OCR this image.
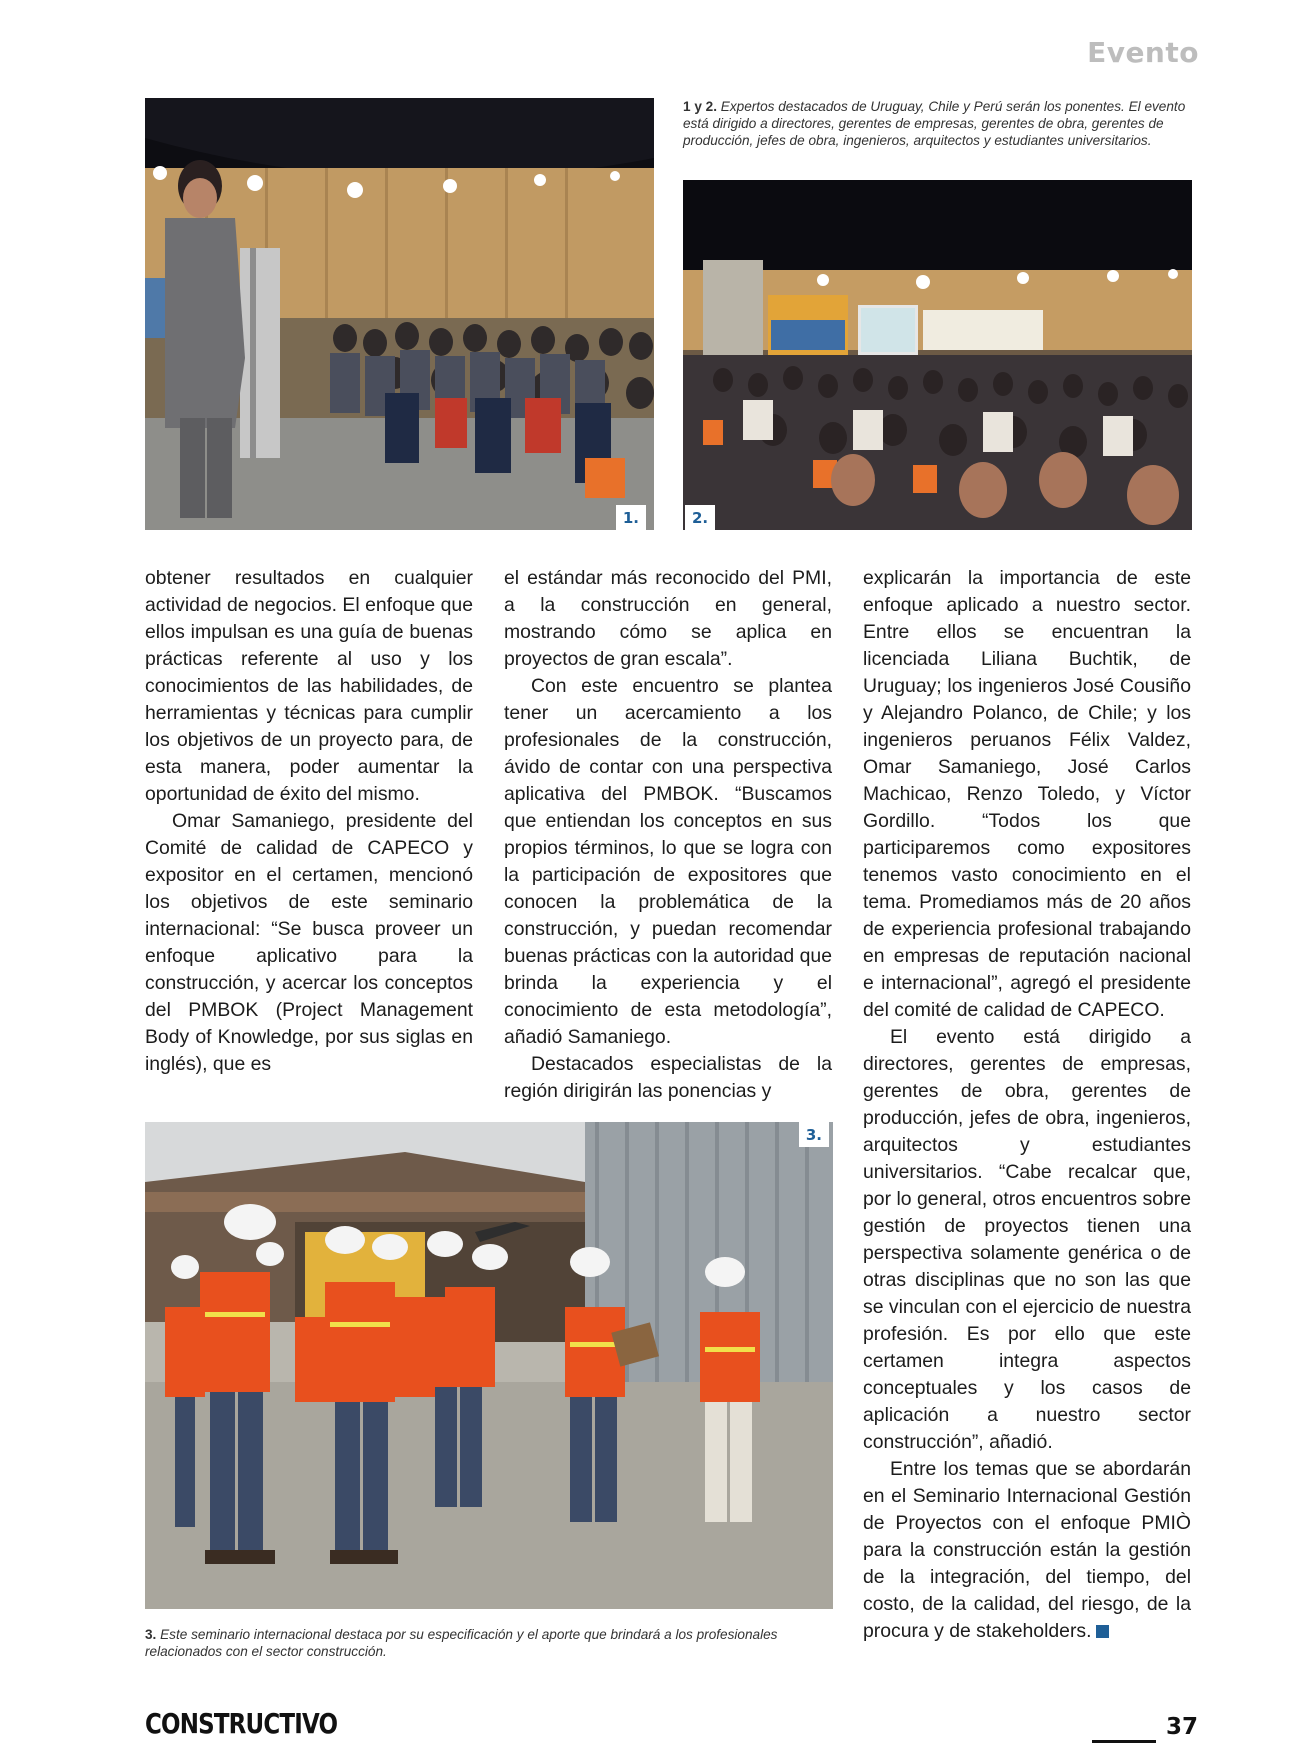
Evento
1.
1 y 2. Expertos destacados de Uruguay, Chile y Perú serán los ponentes. El evento está dirigido a directores, gerentes de empresas, gerentes de obra, gerentes de producción, jefes de obra, ingenieros, arquitectos y estudiantes universitarios.
2.

obtener resultados en cualquier actividad de negocios. El enfoque que ellos impulsan es una guía de buenas prácticas referente al uso y los conocimientos de las habilidades, de herramientas y técnicas para cumplir los objetivos de un proyecto para, de esta manera, poder aumentar la oportunidad de éxito del mismo.

Omar Samaniego, presidente del Comité de calidad de CAPECO y expositor en el certamen, mencionó los objetivos de este seminario internacional: “Se busca proveer un enfoque aplicativo para la construcción, y acercar los conceptos del PMBOK (Project Management Body of Knowledge, por sus siglas en inglés), que es

el estándar más reconocido del PMI, a la construcción en general, mostrando cómo se aplica en proyectos de gran escala”.

Con este encuentro se plantea tener un acercamiento a los profesionales de la construcción, ávido de contar con una perspectiva aplicativa del PMBOK. “Buscamos que entiendan los conceptos en sus propios términos, lo que se logra con la participación de expositores que conocen la problemática de la construcción, y puedan recomendar buenas prácticas con la autoridad que brinda la experiencia y el conocimiento de esta metodología”, añadió Samaniego.

Destacados especialistas de la región dirigirán las ponencias y

explicarán la importancia de este enfoque aplicado a nuestro sector. Entre ellos se encuentran la licenciada Liliana Buchtik, de Uruguay; los ingenieros José Cousiño y Alejandro Polanco, de Chile; y los ingenieros peruanos Félix Valdez, Omar Samaniego, José Carlos Machicao, Renzo Toledo, y Víctor Gordillo. “Todos los que participaremos como expositores tenemos vasto conocimiento en el tema. Promediamos más de 20 años de experiencia profesional trabajando en empresas de reputación nacional e internacional”, agregó el presidente del comité de calidad de CAPECO.

El evento está dirigido a directores, gerentes de empresas, gerentes de obra, gerentes de producción, jefes de obra, ingenieros, arquitectos y estudiantes universitarios. “Cabe recalcar que, por lo general, otros encuentros sobre gestión de proyectos tienen una perspectiva solamente genérica o de otras disciplinas que no son las que se vinculan con el ejercicio de nuestra profesión. Es por ello que este certamen integra aspectos conceptuales y los casos de aplicación a nuestro sector construcción”, añadió.

Entre los temas que se abordarán en el Seminario Internacional Gestión de Proyectos con el enfoque PMIÒ para la construcción están la gestión de la integración, del tiempo, del costo, de la calidad, del riesgo, de la procura y de stakeholders.

3.
3. Este seminario internacional destaca por su especificación y el aporte que brindará a los profesionales relacionados con el sector construcción.
CONSTRUCTIVO	37
